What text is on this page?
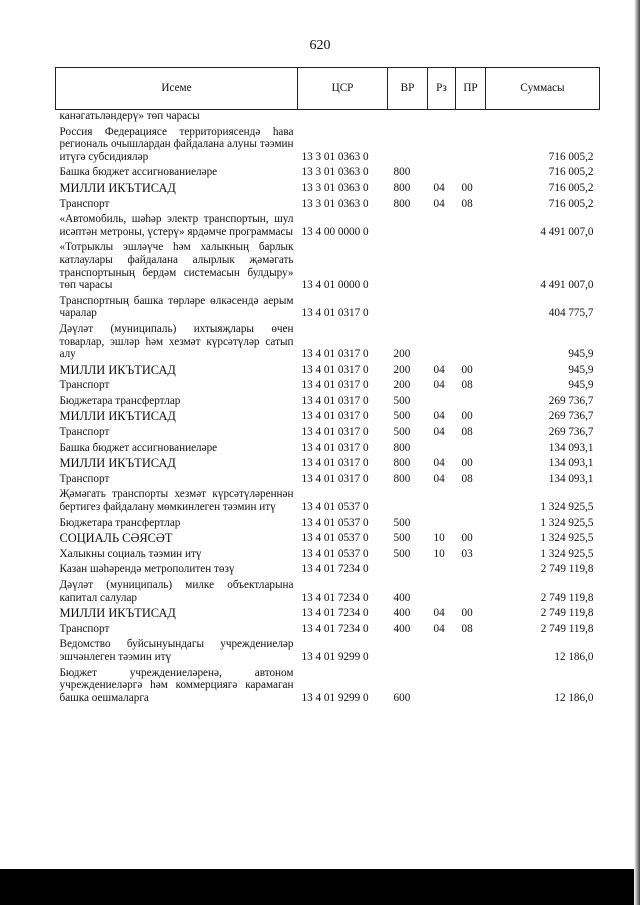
620
Исеме	ЦСР	ВР	Рз	ПР	Суммасы
канәгатьләндерү» төп чарасы					
Россия Федерациясе территориясендә һава региональ очышлардан файдалана алуны тәэмин итүгә субсидияләр	13 3 01 0363 0				716 005,2
Башка бюджет ассигнованиеләре	13 3 01 0363 0	800			716 005,2
МИЛЛИ ИКЪТИСАД	13 3 01 0363 0	800	04	00	716 005,2
Транспорт	13 3 01 0363 0	800	04	08	716 005,2
«Автомобиль, шәһәр электр транспортын, шул исәптән метроны, үстерү» ярдәмче программасы	13 4 00 0000 0				4 491 007,0
«Тотрыклы эшләүче һәм халыкның барлык катлаулары файдалана алырлык җәмәгать транспортының бердәм системасын булдыру» төп чарасы	13 4 01 0000 0				4 491 007,0
Транспортның башка төрләре өлкәсендә аерым чаралар	13 4 01 0317 0				404 775,7
Дәүләт (муниципаль) ихтыяҗлары өчен товарлар, эшләр һәм хезмәт күрсәтүләр сатып алу	13 4 01 0317 0	200			945,9
МИЛЛИ ИКЪТИСАД	13 4 01 0317 0	200	04	00	945,9
Транспорт	13 4 01 0317 0	200	04	08	945,9
Бюджетара трансфертлар	13 4 01 0317 0	500			269 736,7
МИЛЛИ ИКЪТИСАД	13 4 01 0317 0	500	04	00	269 736,7
Транспорт	13 4 01 0317 0	500	04	08	269 736,7
Башка бюджет ассигнованиеләре	13 4 01 0317 0	800			134 093,1
МИЛЛИ ИКЪТИСАД	13 4 01 0317 0	800	04	00	134 093,1
Транспорт	13 4 01 0317 0	800	04	08	134 093,1
Җәмәгать транспорты хезмәт күрсәтүләреннән бертигез файдалану мөмкинлеген тәэмин итү	13 4 01 0537 0				1 324 925,5
Бюджетара трансфертлар	13 4 01 0537 0	500			1 324 925,5
СОЦИАЛЬ СӘЯСӘТ	13 4 01 0537 0	500	10	00	1 324 925,5
Халыкны социаль тәэмин итү	13 4 01 0537 0	500	10	03	1 324 925,5
Казан шәһәрендә метрополитен төзү	13 4 01 7234 0				2 749 119,8
Дәүләт (муниципаль) милке объектларына капитал салулар	13 4 01 7234 0	400			2 749 119,8
МИЛЛИ ИКЪТИСАД	13 4 01 7234 0	400	04	00	2 749 119,8
Транспорт	13 4 01 7234 0	400	04	08	2 749 119,8
Ведомство буйсынуындагы учреждениеләр эшчәнлеген тәэмин итү	13 4 01 9299 0				12 186,0
Бюджет учреждениеләренә, автоном учреждениеләргә һәм коммерциягә карамаган башка оешмаларга	13 4 01 9299 0	600			12 186,0
